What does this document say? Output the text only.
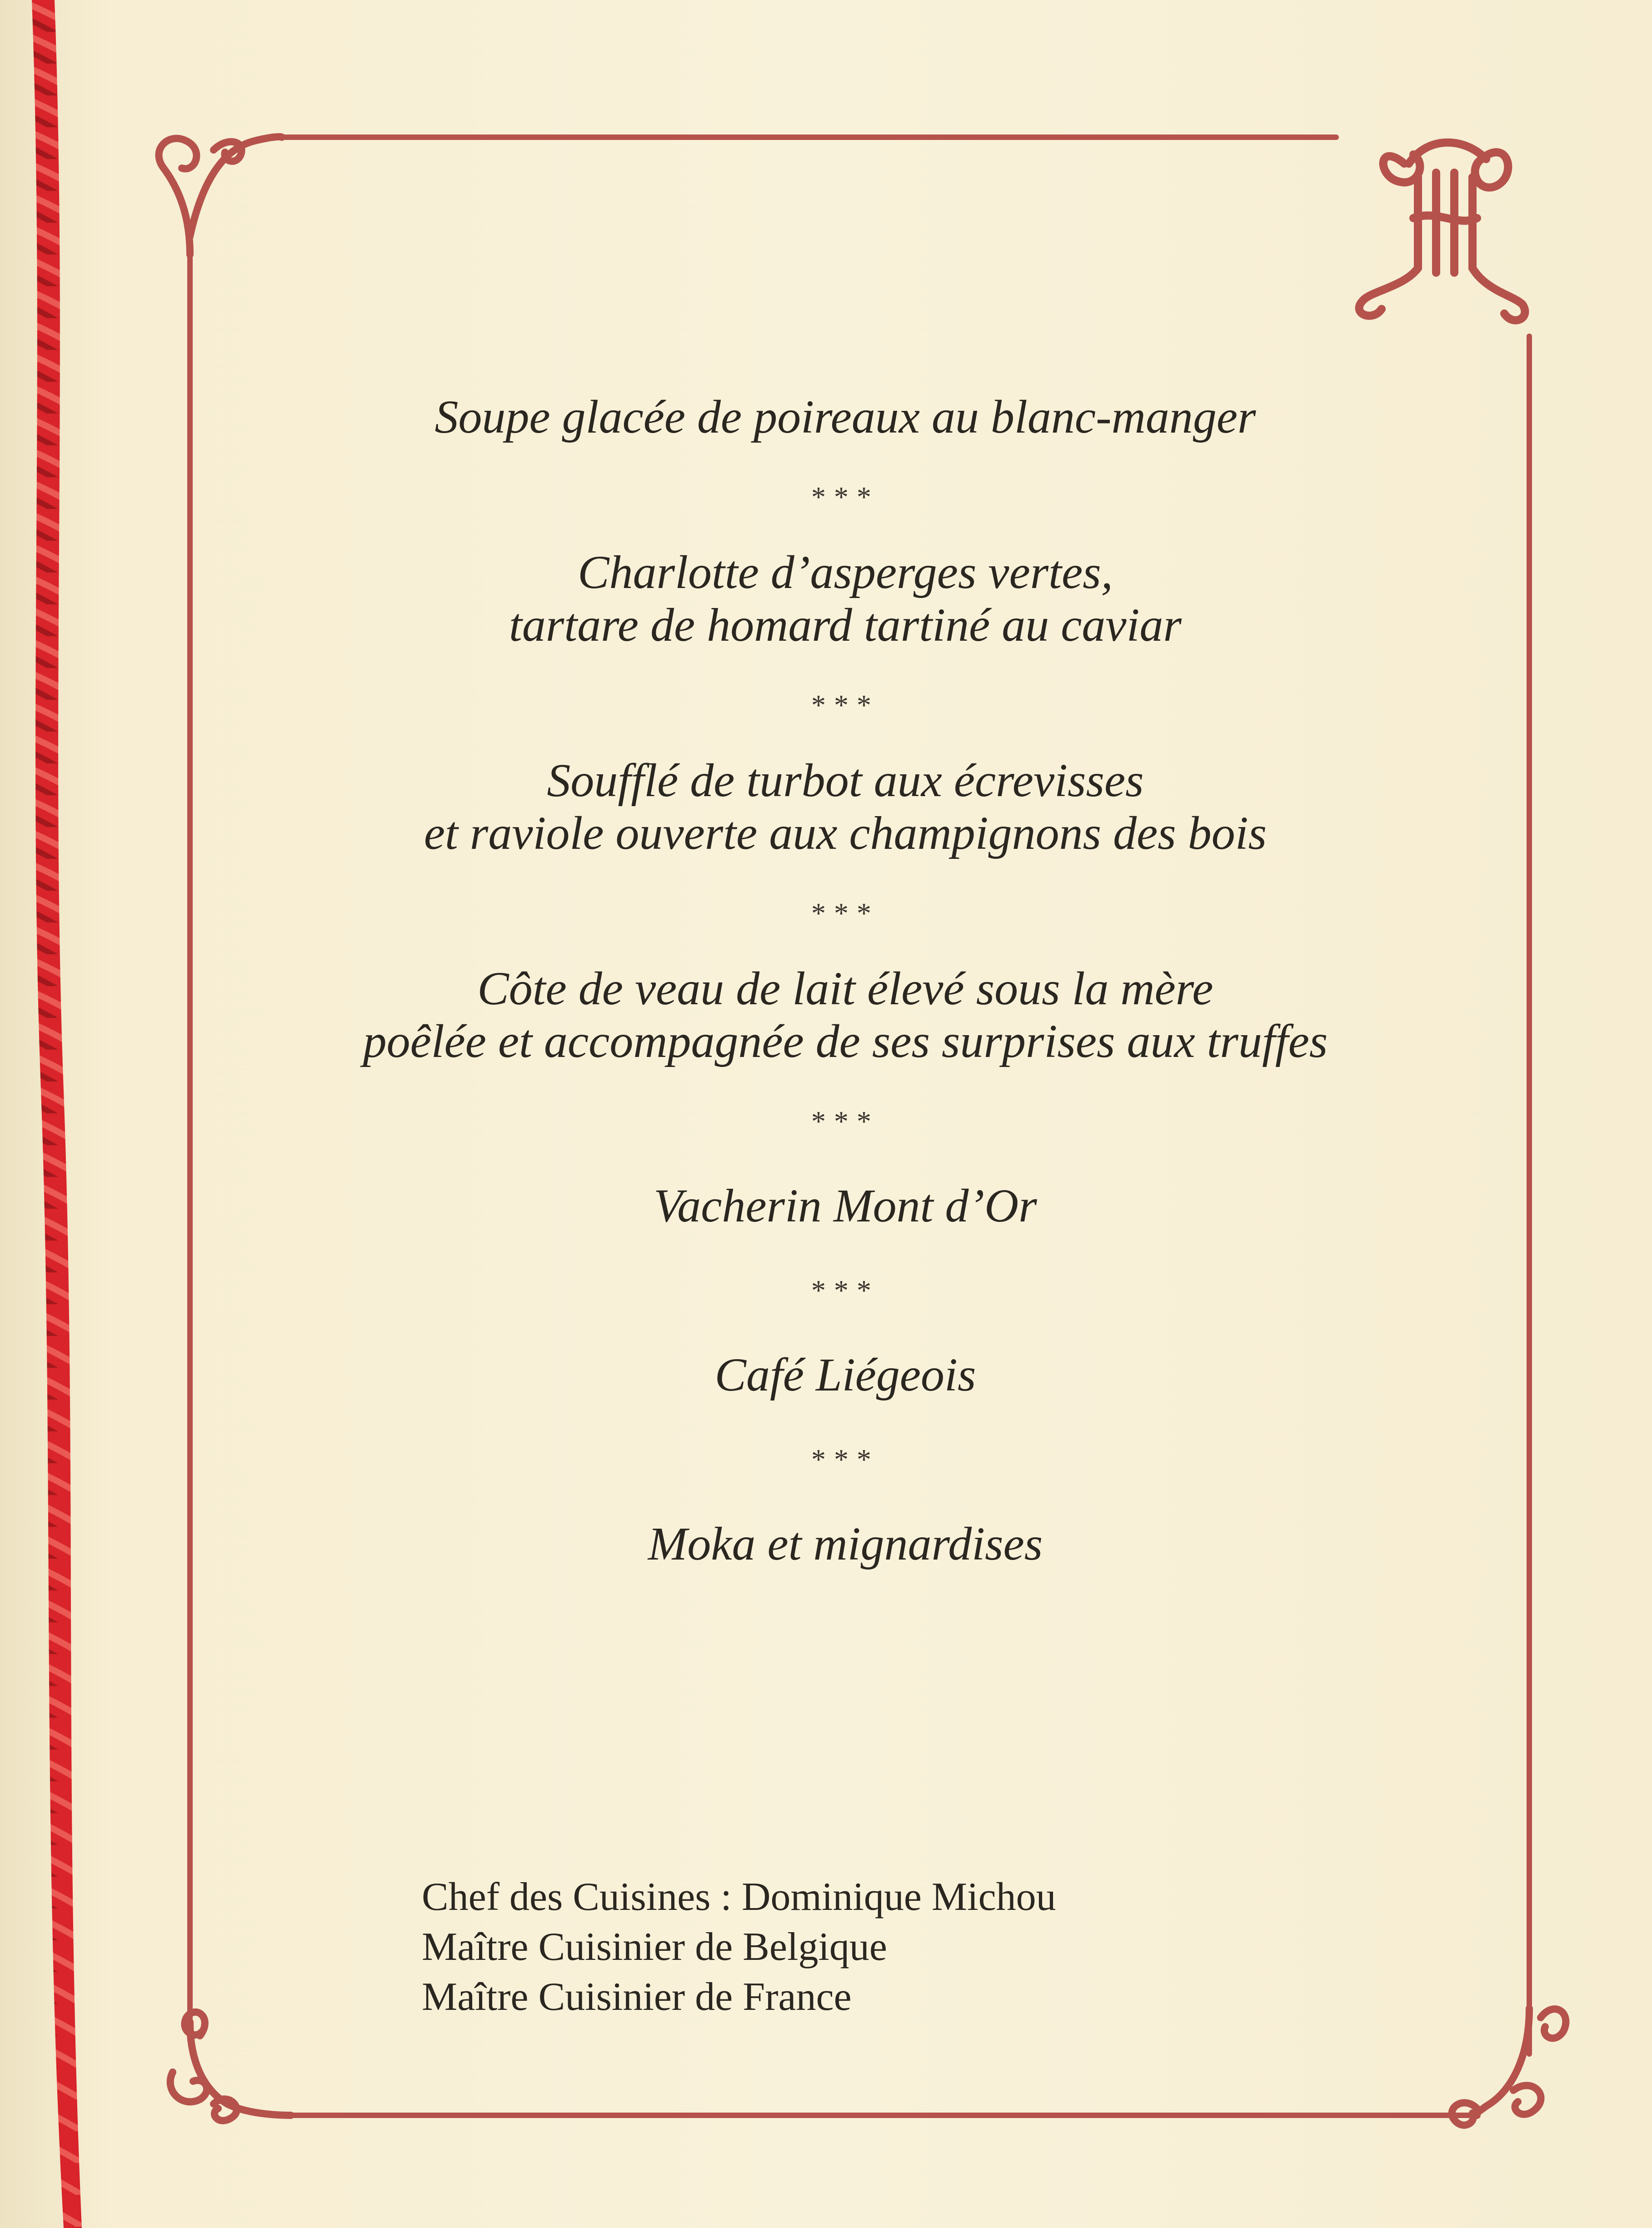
Soupe glacée de poireaux au blanc-manger

***

Charlotte d’asperges vertes,
tartare de homard tartiné au caviar

***

Soufflé de turbot aux écrevisses
et raviole ouverte aux champignons des bois

***

Côte de veau de lait élevé sous la mère
poêlée et accompagnée de ses surprises aux truffes

***

Vacherin Mont d’Or

***

Café Liégeois

***

Moka et mignardises

Chef des Cuisines : Dominique Michou
Maître Cuisinier de Belgique
Maître Cuisinier de France
